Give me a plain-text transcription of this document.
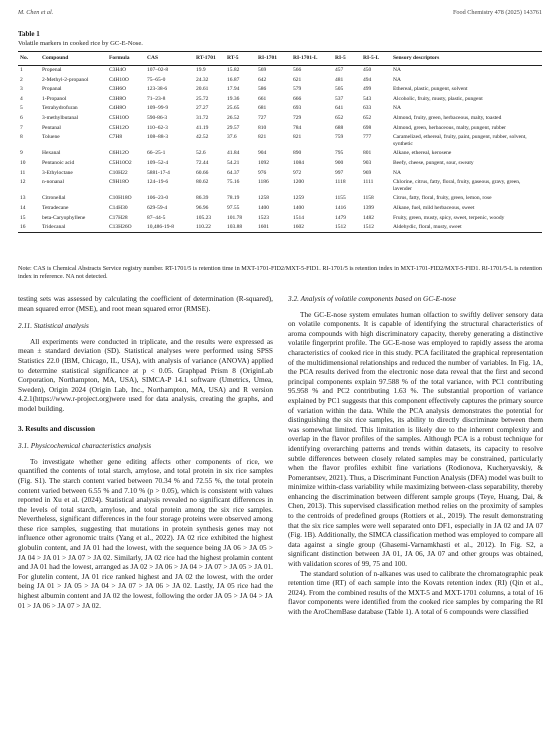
M. Chen et al.	Food Chemistry 478 (2025) 143761
Table 1
Volatile markers in cooked rice by GC-E-Nose.
No.	Compound	Formula	CAS	RT-1701	RT-5	RI-1701	RI-1701-L	RI-5	RI-5-L	Sensory descriptors
1	Propenal	C3H4O	107–02-8	19.9	15.82	569	566	457	450	NA
2	2-Methyl-2-propanol	C4H10O	75–65-0	24.32	16.87	642	621	481	494	NA
3	Propanal	C3H6O	123-38-6	20.61	17.94	586	579	505	499	Ethereal, plastic, pungent, solvent
4	1-Propanol	C3H8O	71–23-8	25.72	19.36	661	666	537	543	Alcoholic, fruity, musty, plastic, pungent
5	Tetrahydrofuran	C4H8O	109–99-9	27.27	25.65	681	693	641	633	NA
6	3-methylbutanal	C5H10O	590-86-3	31.72	26.52	727	729	652	652	Almond, fruity, green, herbaceous, malty, toasted
7	Pentanal	C5H12O	110–62-3	41.19	29.57	810	784	688	698	Almond, green, herbaceous, malty, pungent, rubber
8	Toluene	C7H8	108–88-3	42.52	37.6	821	821	759	777	Caramelized, ethereal, fruity, paint, pungent, rubber, solvent, synthetic
9	Hexanal	C6H12O	66–25-1	52.6	41.84	904	890	795	801	Alkane, ethereal, kerosene
10	Pentanoic acid	C5H10O2	109–52-4	72.44	54.21	1092	1084	900	903	Beefy, cheese, pungent, sour, sweaty
11	3-Ethyloctane	C10H22	5881-17-4	60.66	64.37	976	972	997	969	NA
12	n-nonanal	C9H18O	124–19-6	80.62	75.16	1186	1200	1118	1111	Chlorine, citrus, fatty, floral, fruity, gaseous, gravy, green, lavender
13	Citronellal	C10H18O	106–23-0	86.39	78.19	1258	1259	1155	1158	Citrus, fatty, floral, fruity, green, lemon, rose
14	Tetradecane	C14H30	629-59-4	96.96	97.55	1400	1400	1416	1399	Alkane, fuel, mild herbaceous, sweet
15	beta-Caryophyllene	C17H28	87–44-5	105.23	101.78	1523	1514	1479	1482	Fruity, green, musty, spicy, sweet, terpenic, woody
16	Tridecanal	C13H26O	10,486-19-8	110.22	103.88	1601	1602	1512	1512	Aldehydic, floral, musty, sweet
Note: CAS is Chemical Abstracts Service registry number. RT-1701/5 is retention time in MXT-1701-FID2/MXT-5-FID1. RI-1701/5 is retention index in MXT-1701-FID2/MXT-5-FID1. RI-1701/5-L is retention index in reference. NA not detected.

testing sets was assessed by calculating the coefficient of determination (R-squared), mean squared error (MSE), and root mean squared error (RMSE).

2.11. Statistical analysis

All experiments were conducted in triplicate, and the results were expressed as mean ± standard deviation (SD). Statistical analyses were performed using SPSS Statistics 22.0 (IBM, Chicago, IL, USA), with analysis of variance (ANOVA) applied to determine statistical significance at p < 0.05. Graphpad Prism 8 (OriginLab Corporation, Northampton, MA, USA), SIMCA-P 14.1 software (Umetrics, Umea, Sweden), Origin 2024 (Origin Lab, Inc., Northampton, MA, USA) and R version 4.2.1(https://www.r-project.org)were used for data analysis, creating the graphs, and model building.

3. Results and discussion

3.1. Physicochemical characteristics analysis

To investigate whether gene editing affects other components of rice, we quantified the contents of total starch, amylose, and total protein in six rice samples (Fig. S1). The starch content varied between 70.34 % and 72.55 %, the total protein content varied between 6.55 % and 7.10 % (p > 0.05), which is consistent with values reported in Xu et al. (2024). Statistical analysis revealed no significant differences in the levels of total starch, amylose, and total protein among the six rice samples. Nevertheless, significant differences in the four storage proteins were observed among these rice samples, suggesting that mutations in protein synthesis genes may not influence other agronomic traits (Yang et al., 2022). JA 02 rice exhibited the highest globulin content, and JA 01 had the lowest, with the sequence being JA 06 > JA 05 > JA 04 > JA 01 > JA 07 > JA 02. Similarly, JA 02 rice had the highest prolamin content and JA 01 had the lowest, arranged as JA 02 > JA 06 > JA 04 > JA 07 > JA 05 > JA 01. For glutelin content, JA 01 rice ranked highest and JA 02 the lowest, with the order being JA 01 > JA 05 > JA 04 > JA 07 > JA 06 > JA 02. Lastly, JA 05 rice had the highest albumin content and JA 02 the lowest, following the order JA 05 > JA 04 > JA 01 > JA 06 > JA 07 > JA 02.

3.2. Analysis of volatile components based on GC-E-nose

The GC-E-nose system emulates human olfaction to swiftly deliver sensory data on volatile components. It is capable of identifying the structural characteristics of aroma compounds with high discriminatory capacity, thereby generating a distinctive volatile fingerprint profile. The GC-E-nose was employed to rapidly assess the aroma characteristics of cooked rice in this study. PCA facilitated the graphical representation of the multidimensional relationships and reduced the number of variables. In Fig. 1A, the PCA results derived from the electronic nose data reveal that the first and second principal components explain 97.588 % of the total variance, with PC1 contributing 95.958 % and PC2 contributing 1.63 %. The substantial proportion of variance explained by PC1 suggests that this component effectively captures the primary source of variation within the data. While the PCA analysis demonstrates the potential for distinguishing the six rice samples, its ability to directly discriminate between them was somewhat limited. This limitation is likely due to the inherent complexity and overlap in the flavor profiles of the samples. Although PCA is a robust technique for identifying overarching patterns and trends within datasets, its capacity to resolve subtle differences between closely related samples may be constrained, particularly when the flavor profiles exhibit fine variations (Rodionova, Kucheryavskiy, & Pomerantsev, 2021). Thus, a Discriminant Function Analysis (DFA) model was built to minimize within-class variability while maximizing between-class separability, thereby enhancing the discrimination between different sample groups (Teye, Huang, Dai, & Chen, 2013). This supervised classification method relies on the proximity of samples to the centroids of predefined groups (Rottiers et al., 2019). The result demonstrating that the six rice samples were well separated onto DF1, especially in JA 02 and JA 07 (Fig. 1B). Additionally, the SIMCA classification method was employed to compare all data against a single group (Ghasemi-Varnamkhasti et al., 2012). In Fig. S2, a significant distinction between JA 01, JA 06, JA 07 and other groups was obtained, with validation scores of 99, 75 and 100.

The standard solution of n-alkanes was used to calibrate the chromatographic peak retention time (RT) of each sample into the Kovats retention index (RI) (Qin et al., 2024). From the combined results of the MXT-5 and MXT-1701 columns, a total of 16 flavor components were identified from the cooked rice samples by comparing the RI with the AroChemBase database (Table 1). A total of 6 compounds were classified
